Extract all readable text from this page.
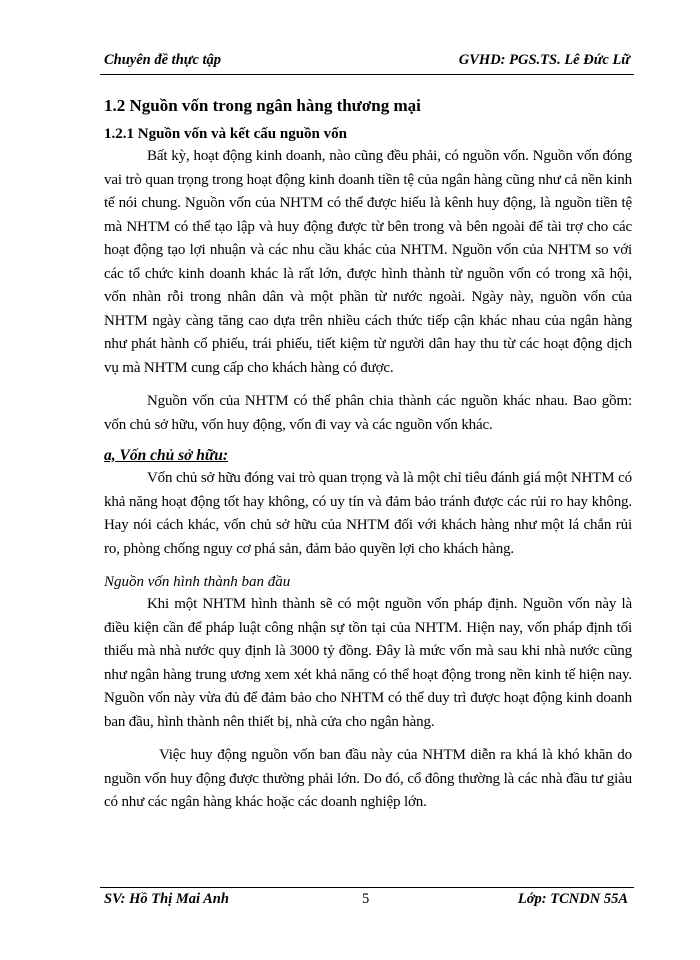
Chuyên đề thực tập	GVHD: PGS.TS. Lê Đức Lữ
1.2 Nguồn vốn trong ngân hàng thương mại
1.2.1 Nguồn vốn và kết cấu nguồn vốn

Bất kỳ, hoạt động kinh doanh, nào cũng đều phải, có nguồn vốn. Nguồn vốn đóng vai trò quan trọng trong hoạt động kinh doanh tiền tệ của ngân hàng cũng như cả nền kinh tế nói chung. Nguồn vốn của NHTM có thể được hiểu là kênh huy động, là nguồn tiền tệ mà NHTM có thể tạo lập và huy động được từ bên trong và bên ngoài để tài trợ cho các hoạt động tạo lợi nhuận và các nhu cầu khác của NHTM. Nguồn vốn của NHTM so với các tổ chức kinh doanh khác là rất lớn, được hình thành từ nguồn vốn có trong xã hội, vốn nhàn rỗi trong nhân dân và một phần từ nước ngoài. Ngày này, nguồn vốn của NHTM ngày càng tăng cao dựa trên nhiều cách thức tiếp cận khác nhau của ngân hàng như phát hành cổ phiếu, trái phiếu, tiết kiệm từ người dân hay thu từ các hoạt động dịch vụ mà NHTM cung cấp cho khách hàng có được.

Nguồn vốn của NHTM có thể phân chia thành các nguồn khác nhau. Bao gồm: vốn chủ sở hữu, vốn huy động, vốn đi vay và các nguồn vốn khác.

a, Vốn chủ sở hữu:

Vốn chủ sở hữu đóng vai trò quan trọng và là một chỉ tiêu đánh giá một NHTM có khả năng hoạt động tốt hay không, có uy tín và đảm bảo tránh được các rủi ro hay không. Hay nói cách khác, vốn chủ sở hữu của NHTM đối với khách hàng như một lá chắn rủi ro, phòng chống nguy cơ phá sản, đảm bảo quyền lợi cho khách hàng.

Nguồn vốn hình thành ban đầu

Khi một NHTM hình thành sẽ có một nguồn vốn pháp định. Nguồn vốn này là điều kiện cần để pháp luật công nhận sự tồn tại của NHTM. Hiện nay, vốn pháp định tối thiểu mà nhà nước quy định là 3000 tỷ đồng. Đây là mức vốn mà sau khi nhà nước cũng như ngân hàng trung ương xem xét khả năng có thể hoạt động trong nền kinh tế hiện nay. Nguồn vốn này vừa đủ để đảm bảo cho NHTM có thể duy trì được hoạt động kinh doanh ban đầu, hình thành nên thiết bị, nhà cửa cho ngân hàng.

Việc huy động nguồn vốn ban đầu này của NHTM diễn ra khá là khó khăn do nguồn vốn huy động được thường phải lớn. Do đó, cổ đông thường là các nhà đầu tư giàu có như các ngân hàng khác hoặc các doanh nghiệp lớn.

SV: Hồ Thị Mai Anh	5	Lớp: TCNDN 55A
